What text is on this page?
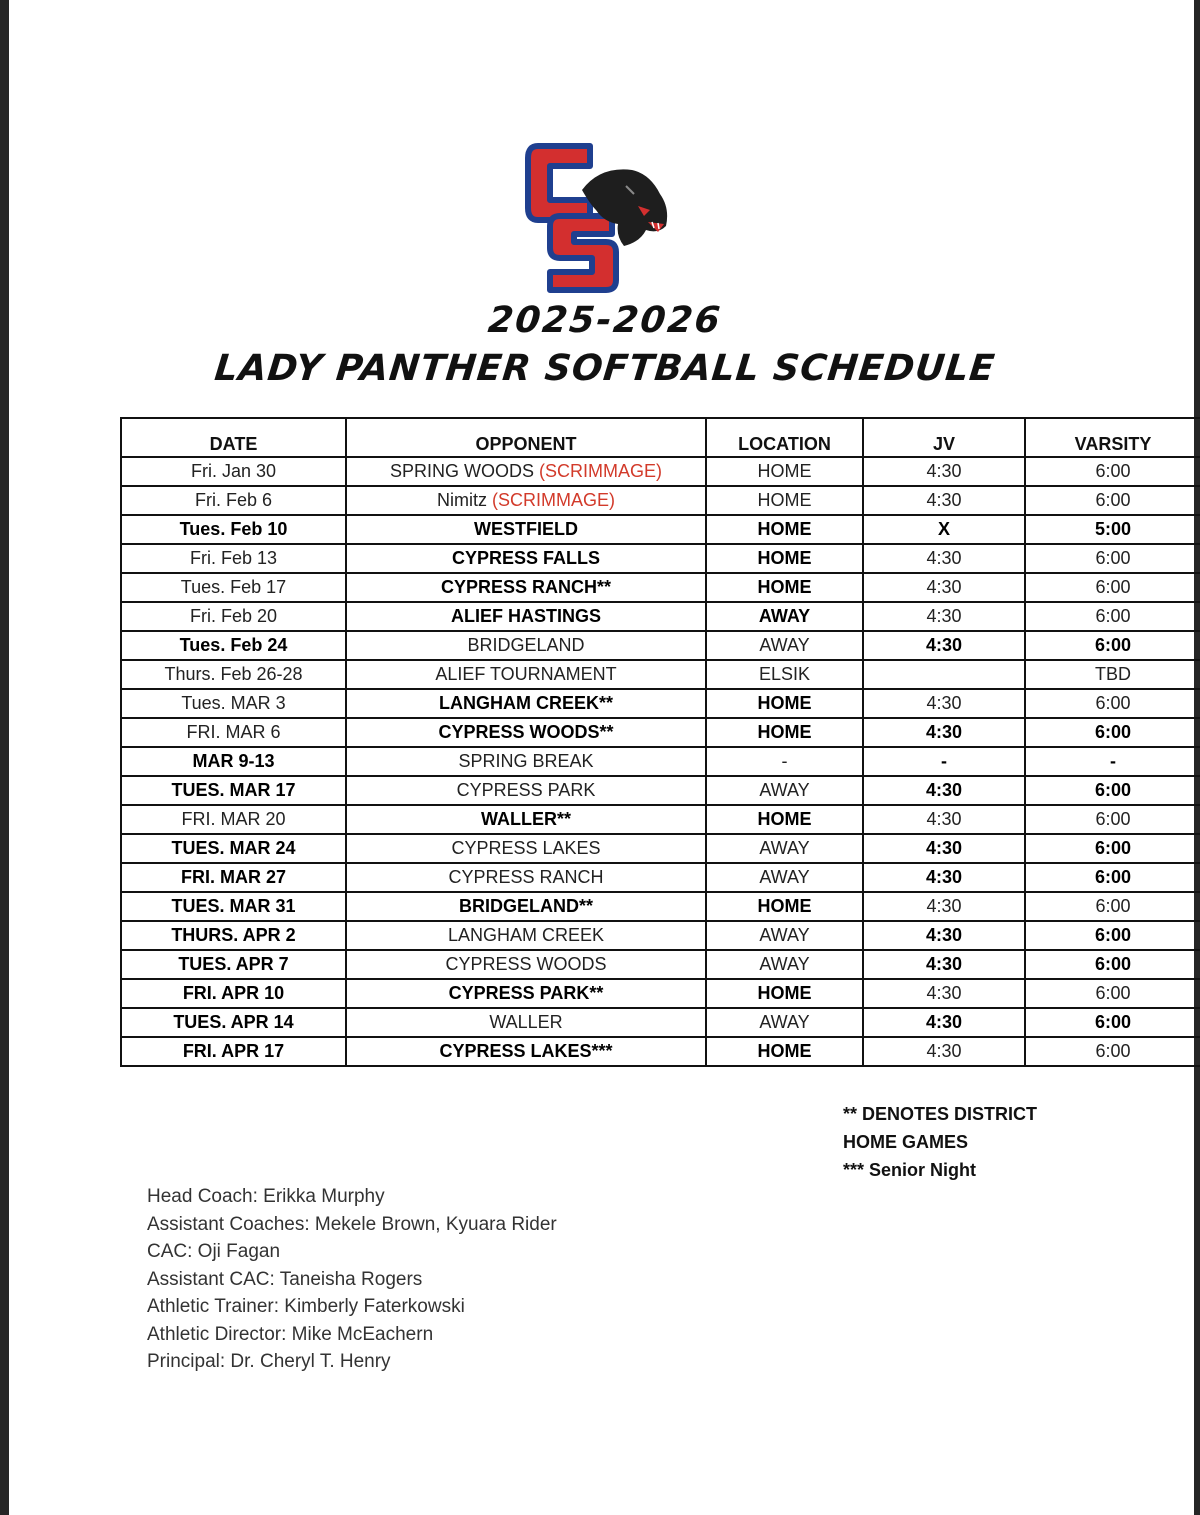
2025-2026
LADY PANTHER SOFTBALL SCHEDULE
DATE	OPPONENT	LOCATION	JV	VARSITY
Fri. Jan 30	SPRING WOODS (SCRIMMAGE)	HOME	4:30	6:00
Fri. Feb 6	Nimitz (SCRIMMAGE)	HOME	4:30	6:00
Tues. Feb 10	WESTFIELD	HOME	X	5:00
Fri. Feb 13	CYPRESS FALLS	HOME	4:30	6:00
Tues. Feb 17	CYPRESS RANCH**	HOME	4:30	6:00
Fri. Feb 20	ALIEF HASTINGS	AWAY	4:30	6:00
Tues. Feb 24	BRIDGELAND	AWAY	4:30	6:00
Thurs. Feb 26-28	ALIEF TOURNAMENT	ELSIK		TBD
Tues. MAR 3	LANGHAM CREEK**	HOME	4:30	6:00
FRI. MAR 6	CYPRESS WOODS**	HOME	4:30	6:00
MAR 9-13	SPRING BREAK	-	-	-
TUES. MAR 17	CYPRESS PARK	AWAY	4:30	6:00
FRI. MAR 20	WALLER**	HOME	4:30	6:00
TUES. MAR 24	CYPRESS LAKES	AWAY	4:30	6:00
FRI. MAR 27	CYPRESS RANCH	AWAY	4:30	6:00
TUES. MAR 31	BRIDGELAND**	HOME	4:30	6:00
THURS. APR 2	LANGHAM CREEK	AWAY	4:30	6:00
TUES. APR 7	CYPRESS WOODS	AWAY	4:30	6:00
FRI. APR 10	CYPRESS PARK**	HOME	4:30	6:00
TUES. APR 14	WALLER	AWAY	4:30	6:00
FRI. APR 17	CYPRESS LAKES***	HOME	4:30	6:00
** DENOTES DISTRICT
HOME GAMES
*** Senior Night
Head Coach: Erikka Murphy
Assistant Coaches: Mekele Brown, Kyuara Rider
CAC: Oji Fagan
Assistant CAC: Taneisha Rogers
Athletic Trainer: Kimberly Faterkowski
Athletic Director: Mike McEachern
Principal: Dr. Cheryl T. Henry
